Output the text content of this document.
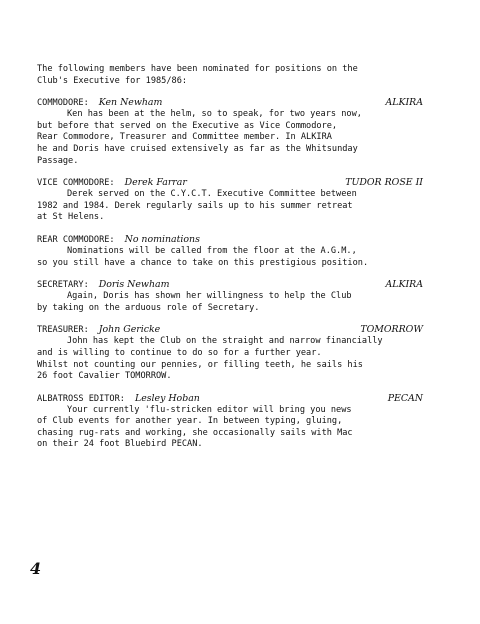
The following members have been nominated for positions on the
Club's Executive for 1985/86:
COMMODORE: Ken Newham	ALKIRA

Ken has been at the helm, so to speak, for two years now,

but before that served on the Executive as Vice Commodore,

Rear Commodore, Treasurer and Committee member. In ALKIRA

he and Doris have cruised extensively as far as the Whitsunday

Passage.

VICE COMMODORE: Derek Farrar	TUDOR ROSE II

Derek served on the C.Y.C.T. Executive Committee between

1982 and 1984. Derek regularly sails up to his summer retreat

at St Helens.

REAR COMMODORE: No nominations

Nominations will be called from the floor at the A.G.M.,

so you still have a chance to take on this prestigious position.

SECRETARY: Doris Newham	ALKIRA

Again, Doris has shown her willingness to help the Club

by taking on the arduous role of Secretary.

TREASURER: John Gericke	TOMORROW

John has kept the Club on the straight and narrow financially

and is willing to continue to do so for a further year.

Whilst not counting our pennies, or filling teeth, he sails his

26 foot Cavalier TOMORROW.

ALBATROSS EDITOR: Lesley Hoban	PECAN

Your currently 'flu-stricken editor will bring you news

of Club events for another year. In between typing, gluing,

chasing rug-rats and working, she occasionally sails with Mac

on their 24 foot Bluebird PECAN.

4
